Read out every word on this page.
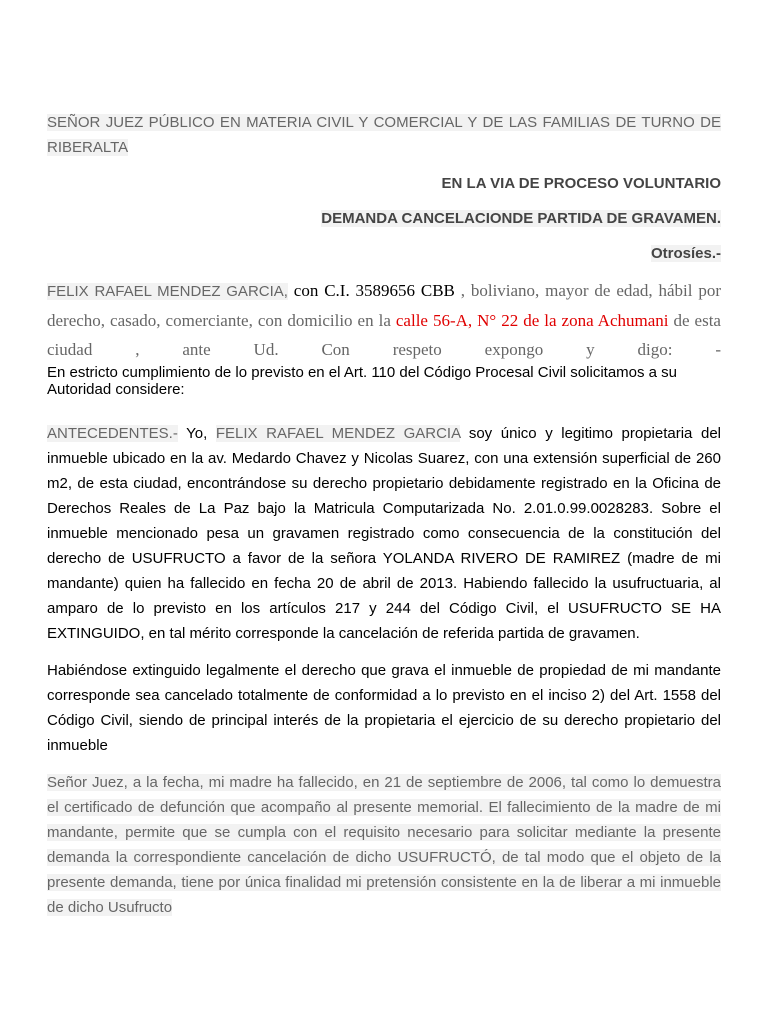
SEÑOR JUEZ PÚBLICO EN MATERIA CIVIL Y COMERCIAL Y DE LAS FAMILIAS DE TURNO DE RIBERALTA

EN LA VIA DE PROCESO VOLUNTARIO

DEMANDA CANCELACIONDE PARTIDA DE GRAVAMEN.

Otrosíes.-

FELIX RAFAEL MENDEZ GARCIA, con C.I. 3589656 CBB , boliviano, mayor de edad, hábil por derecho, casado, comerciante, con domicilio en la calle 56-A, N° 22 de la zona Achumani de esta ciudad , ante Ud. Con respeto expongo y digo: -

En estricto cumplimiento de lo previsto en el Art. 110 del Código Procesal Civil solicitamos a su Autoridad considere:

ANTECEDENTES.- Yo, FELIX RAFAEL MENDEZ GARCIA soy único y legitimo propietaria del inmueble ubicado en la av. Medardo Chavez y Nicolas Suarez, con una extensión superficial de 260 m2, de esta ciudad, encontrándose su derecho propietario debidamente registrado en la Oficina de Derechos Reales de La Paz bajo la Matricula Computarizada No. 2.01.0.99.0028283. Sobre el inmueble mencionado pesa un gravamen registrado como consecuencia de la constitución del derecho de USUFRUCTO a favor de la señora YOLANDA RIVERO DE RAMIREZ (madre de mi mandante) quien ha fallecido en fecha 20 de abril de 2013. Habiendo fallecido la usufructuaria, al amparo de lo previsto en los artículos 217 y 244 del Código Civil, el USUFRUCTO SE HA EXTINGUIDO, en tal mérito corresponde la cancelación de referida partida de gravamen.

Habiéndose extinguido legalmente el derecho que grava el inmueble de propiedad de mi mandante corresponde sea cancelado totalmente de conformidad a lo previsto en el inciso 2) del Art. 1558 del Código Civil, siendo de principal interés de la propietaria el ejercicio de su derecho propietario del inmueble

Señor Juez, a la fecha, mi madre ha fallecido, en 21 de septiembre de 2006, tal como lo demuestra el certificado de defunción que acompaño al presente memorial. El fallecimiento de la madre de mi mandante, permite que se cumpla con el requisito necesario para solicitar mediante la presente demanda la correspondiente cancelación de dicho USUFRUCTÓ, de tal modo que el objeto de la presente demanda, tiene por única finalidad mi pretensión consistente en la de liberar a mi inmueble de dicho Usufructo
